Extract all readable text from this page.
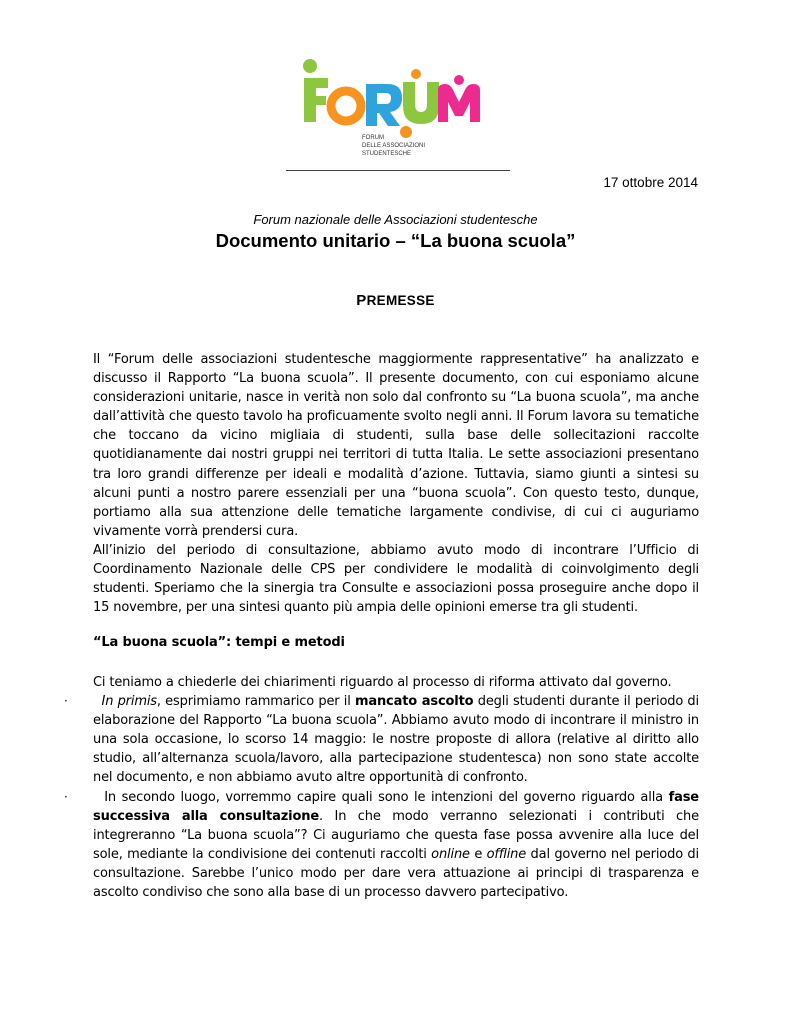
F
O
R	U
M
FORUM
DELLE ASSOCIAZIONI
STUDENTESCHE
17 ottobre 2014
Forum nazionale delle Associazioni studentesche
Documento unitario – “La buona scuola”
PREMESSE

Il “Forum delle associazioni studentesche maggiormente rappresentative” ha analizzato e discusso il Rapporto “La buona scuola”. Il presente documento, con cui esponiamo alcune considerazioni unitarie, nasce in verità non solo dal confronto su “La buona scuola”, ma anche dall’attività che questo tavolo ha proficuamente svolto negli anni. Il Forum lavora su tematiche che toccano da vicino migliaia di studenti, sulla base delle sollecitazioni raccolte quotidianamente dai nostri gruppi nei territori di tutta Italia. Le sette associazioni presentano tra loro grandi differenze per ideali e modalità d’azione. Tuttavia, siamo giunti a sintesi su alcuni punti a nostro parere essenziali per una “buona scuola”. Con questo testo, dunque, portiamo alla sua attenzione delle tematiche largamente condivise, di cui ci auguriamo vivamente vorrà prendersi cura.

All’inizio del periodo di consultazione, abbiamo avuto modo di incontrare l’Ufficio di Coordinamento Nazionale delle CPS per condividere le modalità di coinvolgimento degli studenti. Speriamo che la sinergia tra Consulte e associazioni possa proseguire anche dopo il 15 novembre, per una sintesi quanto più ampia delle opinioni emerse tra gli studenti.

“La buona scuola”: tempi e metodi

Ci teniamo a chiederle dei chiarimenti riguardo al processo di riforma attivato dal governo.

·	In primis, esprimiamo rammarico per il mancato ascolto degli studenti durante il periodo di elaborazione del Rapporto “La buona scuola”. Abbiamo avuto modo di incontrare il ministro in una sola occasione, lo scorso 14 maggio: le nostre proposte di allora (relative al diritto allo studio, all’alternanza scuola/lavoro, alla partecipazione studentesca) non sono state accolte nel documento, e non abbiamo avuto altre opportunità di confronto.

·	In secondo luogo, vorremmo capire quali sono le intenzioni del governo riguardo alla fase successiva alla consultazione. In che modo verranno selezionati i contributi che integreranno “La buona scuola”? Ci auguriamo che questa fase possa avvenire alla luce del sole, mediante la condivisione dei contenuti raccolti online e offline dal governo nel periodo di consultazione. Sarebbe l’unico modo per dare vera attuazione ai principi di trasparenza e ascolto condiviso che sono alla base di un processo davvero partecipativo.
